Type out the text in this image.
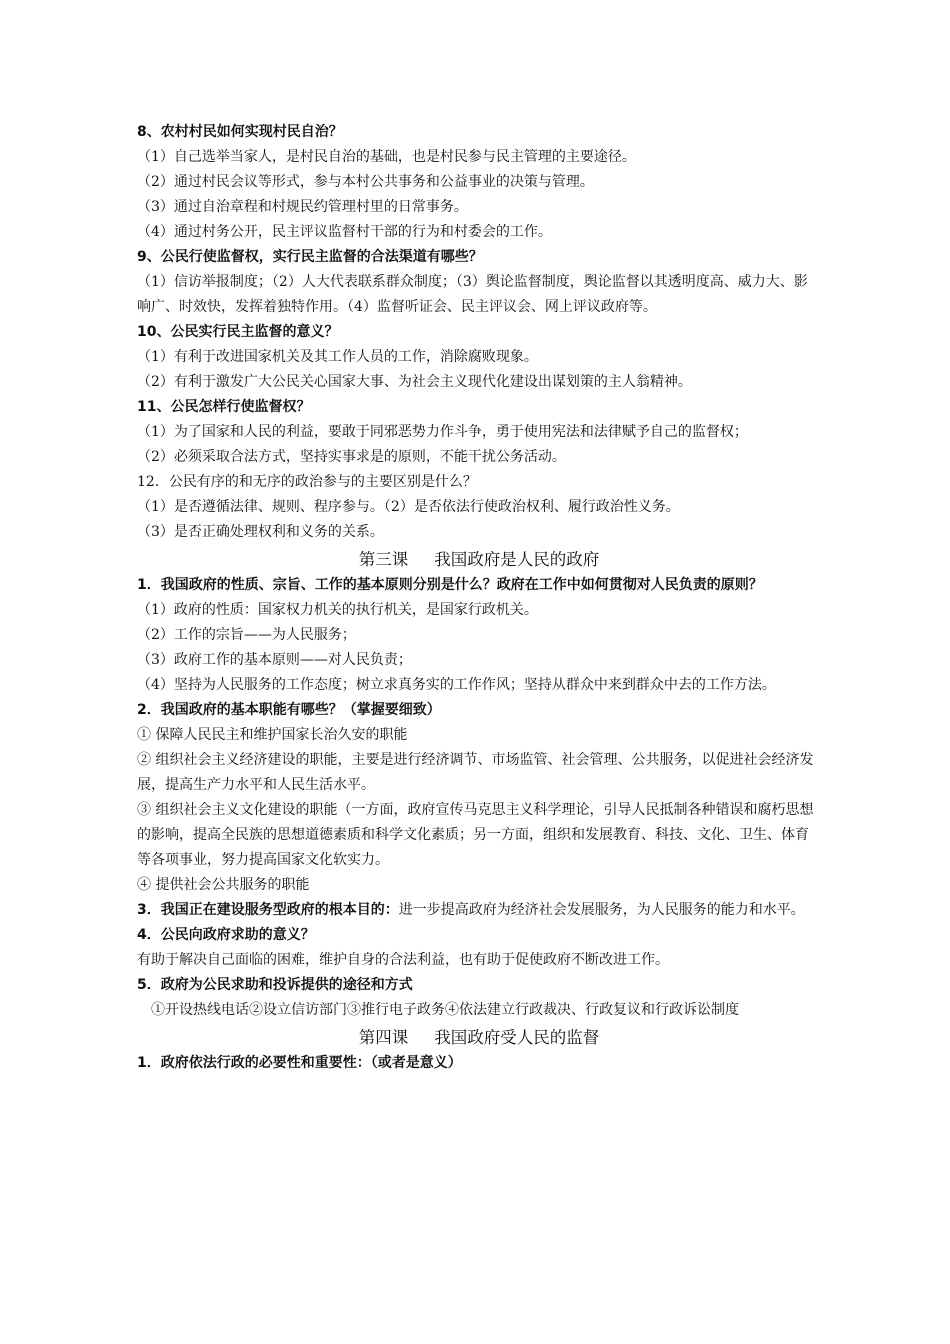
8、农村村民如何实现村民自治？

（1）自己选举当家人，是村民自治的基础，也是村民参与民主管理的主要途径。

（2）通过村民会议等形式，参与本村公共事务和公益事业的决策与管理。

（3）通过自治章程和村规民约管理村里的日常事务。

（4）通过村务公开，民主评议监督村干部的行为和村委会的工作。

9、公民行使监督权，实行民主监督的合法渠道有哪些？

（1）信访举报制度；（2）人大代表联系群众制度；（3）舆论监督制度，舆论监督以其透明度高、威力大、影响广、时效快，发挥着独特作用。（4）监督听证会、民主评议会、网上评议政府等。

10、公民实行民主监督的意义？

（1）有利于改进国家机关及其工作人员的工作，消除腐败现象。

（2）有利于激发广大公民关心国家大事、为社会主义现代化建设出谋划策的主人翁精神。

11、公民怎样行使监督权？

（1）为了国家和人民的利益，要敢于同邪恶势力作斗争，勇于使用宪法和法律赋予自己的监督权；

（2）必须采取合法方式，坚持实事求是的原则，不能干扰公务活动。

12．公民有序的和无序的政治参与的主要区别是什么？

（1）是否遵循法律、规则、程序参与。（2）是否依法行使政治权利、履行政治性义务。

（3）是否正确处理权利和义务的关系。

第三课 我国政府是人民的政府

1．我国政府的性质、宗旨、工作的基本原则分别是什么？政府在工作中如何贯彻对人民负责的原则？

（1）政府的性质：国家权力机关的执行机关，是国家行政机关。

（2）工作的宗旨——为人民服务；

（3）政府工作的基本原则——对人民负责；

（4）坚持为人民服务的工作态度；树立求真务实的工作作风；坚持从群众中来到群众中去的工作方法。

2．我国政府的基本职能有哪些？（掌握要细致）

① 保障人民民主和维护国家长治久安的职能

② 组织社会主义经济建设的职能，主要是进行经济调节、市场监管、社会管理、公共服务，以促进社会经济发展，提高生产力水平和人民生活水平。

③ 组织社会主义文化建设的职能（一方面，政府宣传马克思主义科学理论，引导人民抵制各种错误和腐朽思想的影响，提高全民族的思想道德素质和科学文化素质；另一方面，组织和发展教育、科技、文化、卫生、体育等各项事业，努力提高国家文化软实力。

④ 提供社会公共服务的职能

3．我国正在建设服务型政府的根本目的：进一步提高政府为经济社会发展服务，为人民服务的能力和水平。

4．公民向政府求助的意义？

有助于解决自己面临的困难，维护自身的合法利益，也有助于促使政府不断改进工作。

5．政府为公民求助和投诉提供的途径和方式

①开设热线电话②设立信访部门③推行电子政务④依法建立行政裁决、行政复议和行政诉讼制度

第四课 我国政府受人民的监督

1．政府依法行政的必要性和重要性：（或者是意义）
